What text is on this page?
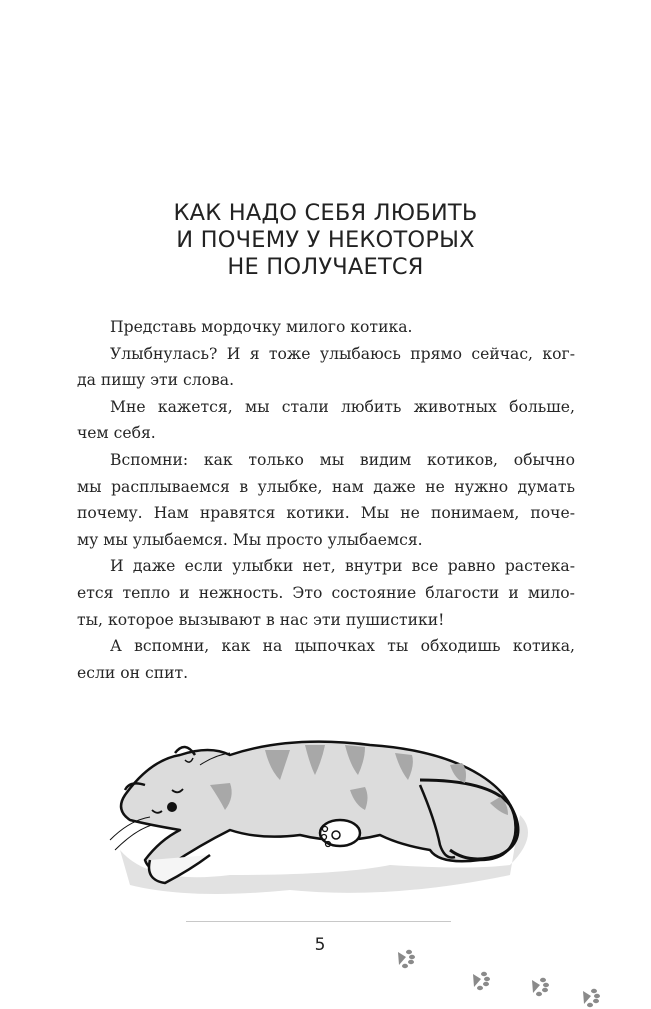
КАК НАДО СЕБЯ ЛЮБИТЬ
И ПОЧЕМУ У НЕКОТОРЫХ
НЕ ПОЛУЧАЕТСЯ
Представь мордочку милого котика.
Улыбнулась? И я тоже улыбаюсь прямо сейчас, ког-
да пишу эти слова.
Мне кажется, мы стали любить животных больше,
чем себя.
Вспомни: как только мы видим котиков, обычно
мы расплываемся в улыбке, нам даже не нужно думать
почему. Нам нравятся котики. Мы не понимаем, поче-
му мы улыбаемся. Мы просто улыбаемся.
И даже если улыбки нет, внутри все равно растека-
ется тепло и нежность. Это состояние благости и мило-
ты, которое вызывают в нас эти пушистики!
А вспомни, как на цыпочках ты обходишь котика,
если он спит.
5
